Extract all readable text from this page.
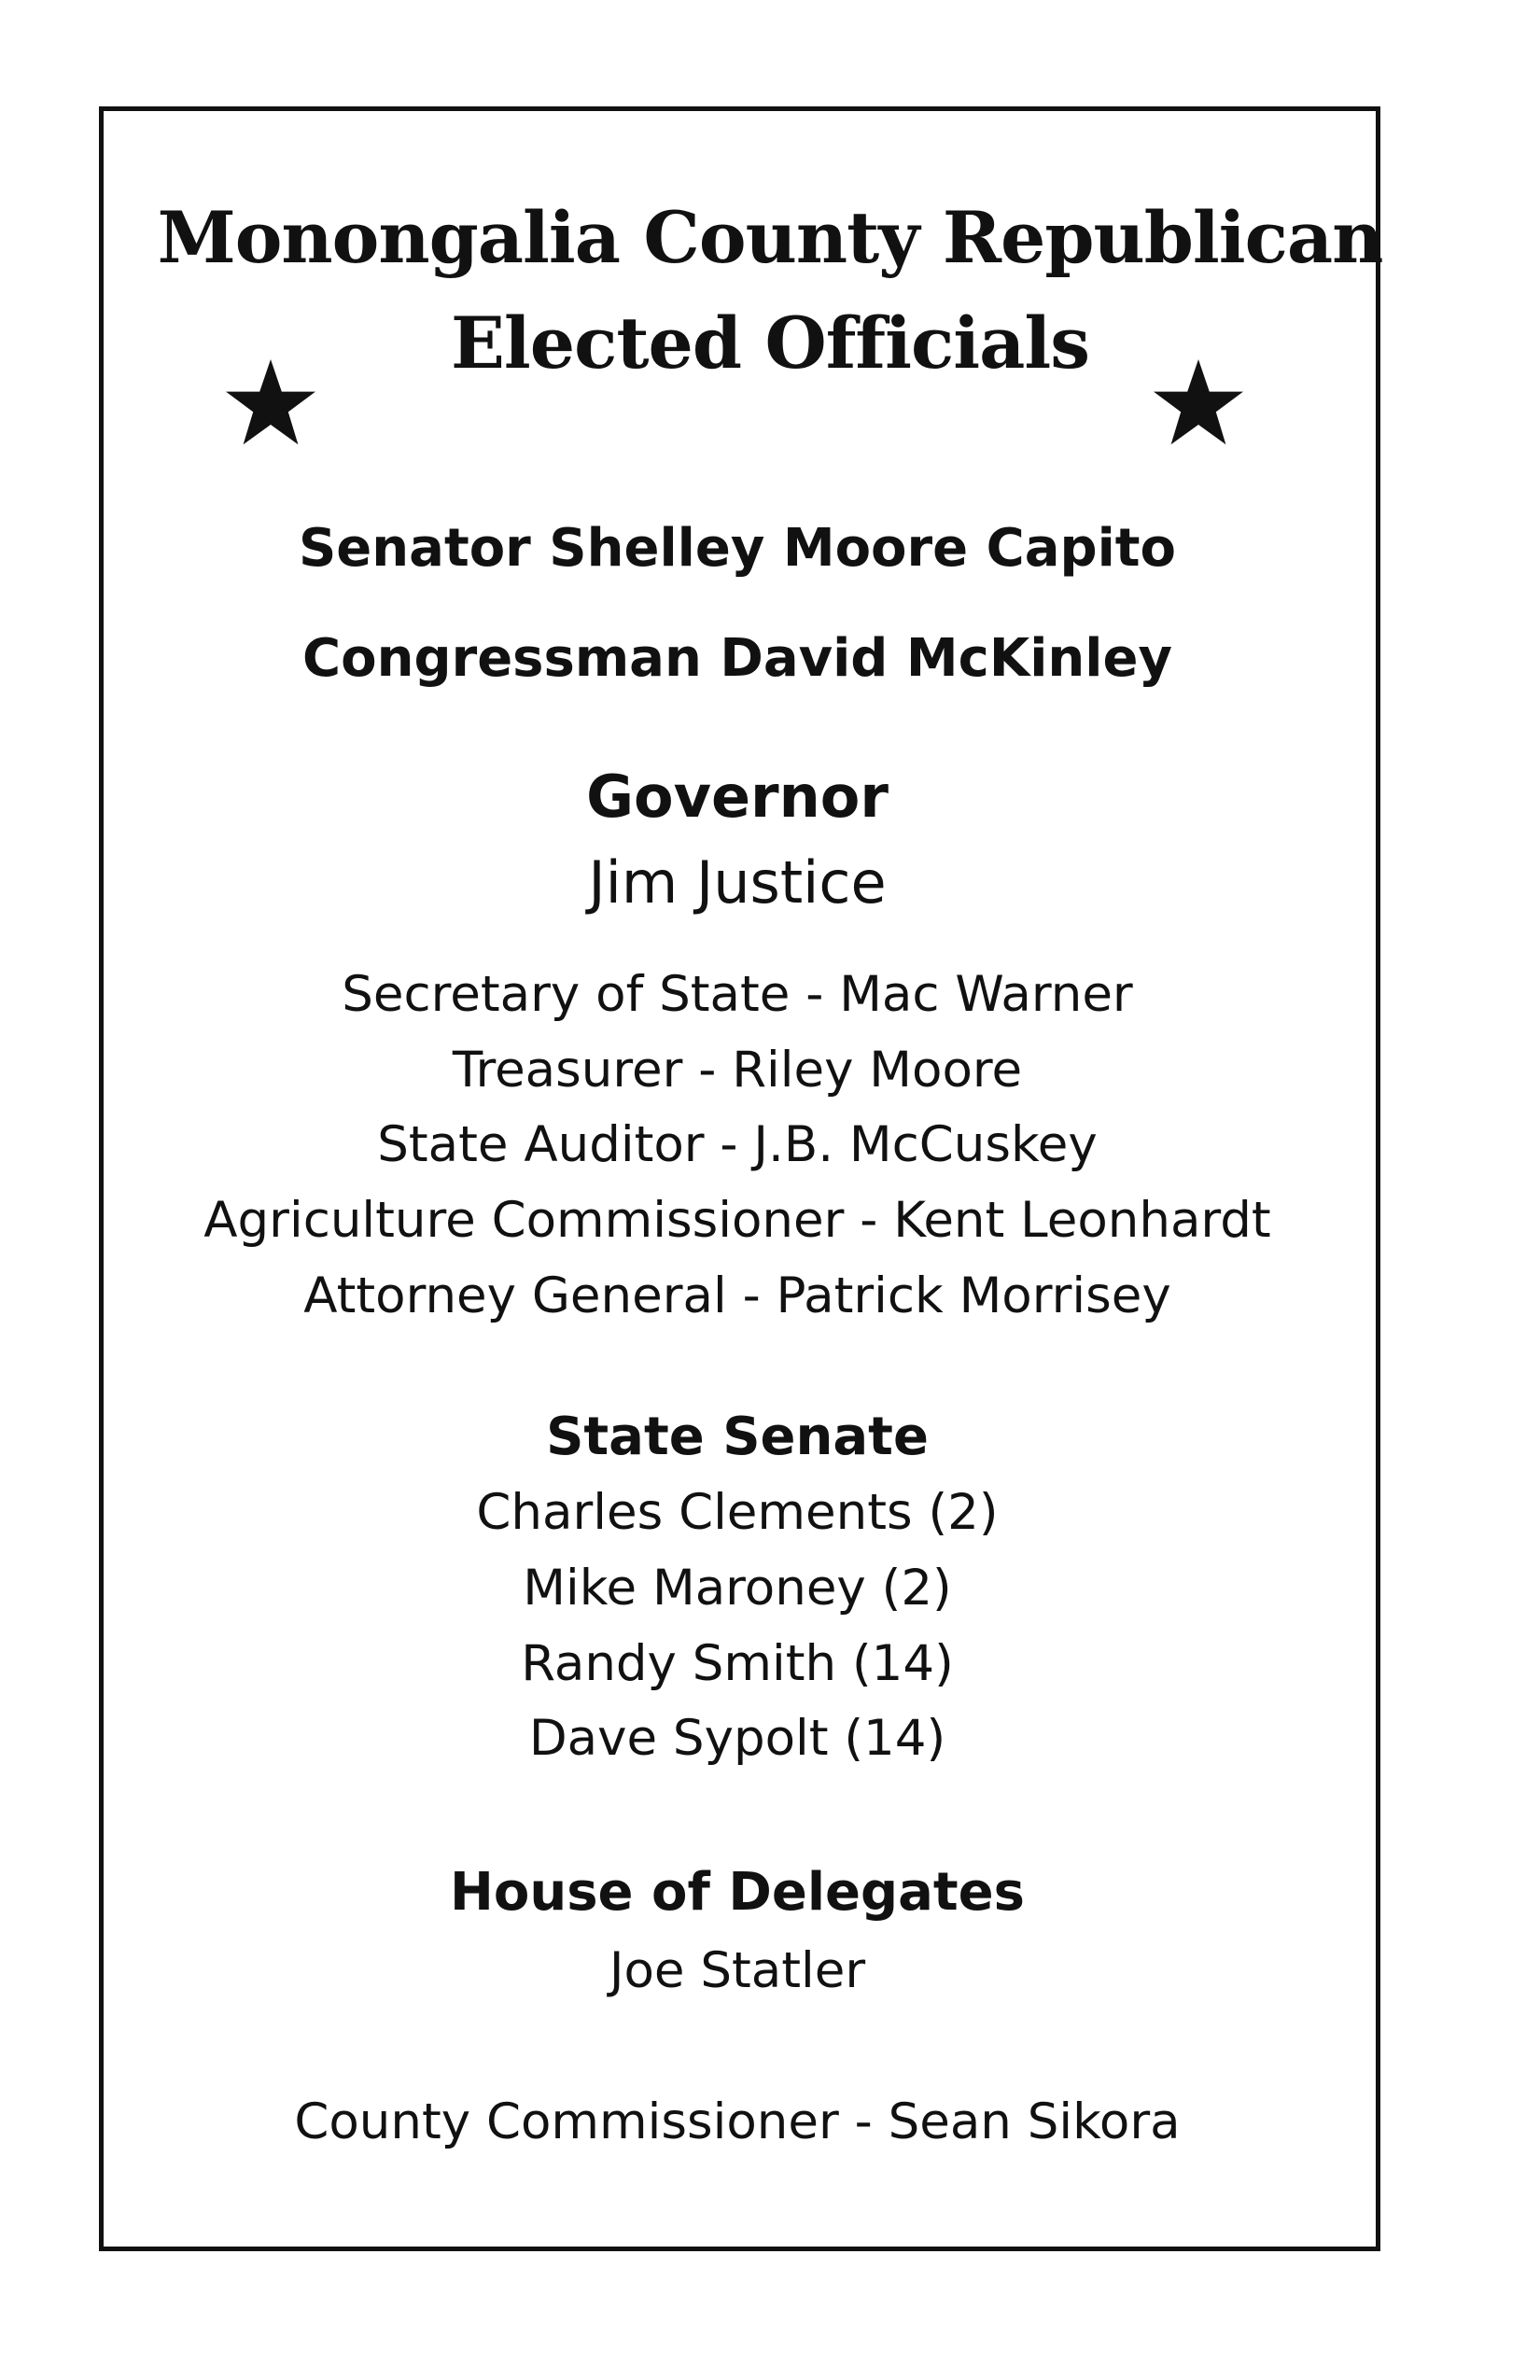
Monongalia County Republican
Elected Officials
Senator Shelley Moore Capito
Congressman David McKinley
Governor
Jim Justice
Secretary of State - Mac Warner
Treasurer - Riley Moore
State Auditor - J.B. McCuskey
Agriculture Commissioner - Kent Leonhardt
Attorney General - Patrick Morrisey
State Senate
Charles Clements (2)
Mike Maroney (2)
Randy Smith (14)
Dave Sypolt (14)
House of Delegates
Joe Statler
County Commissioner - Sean Sikora
